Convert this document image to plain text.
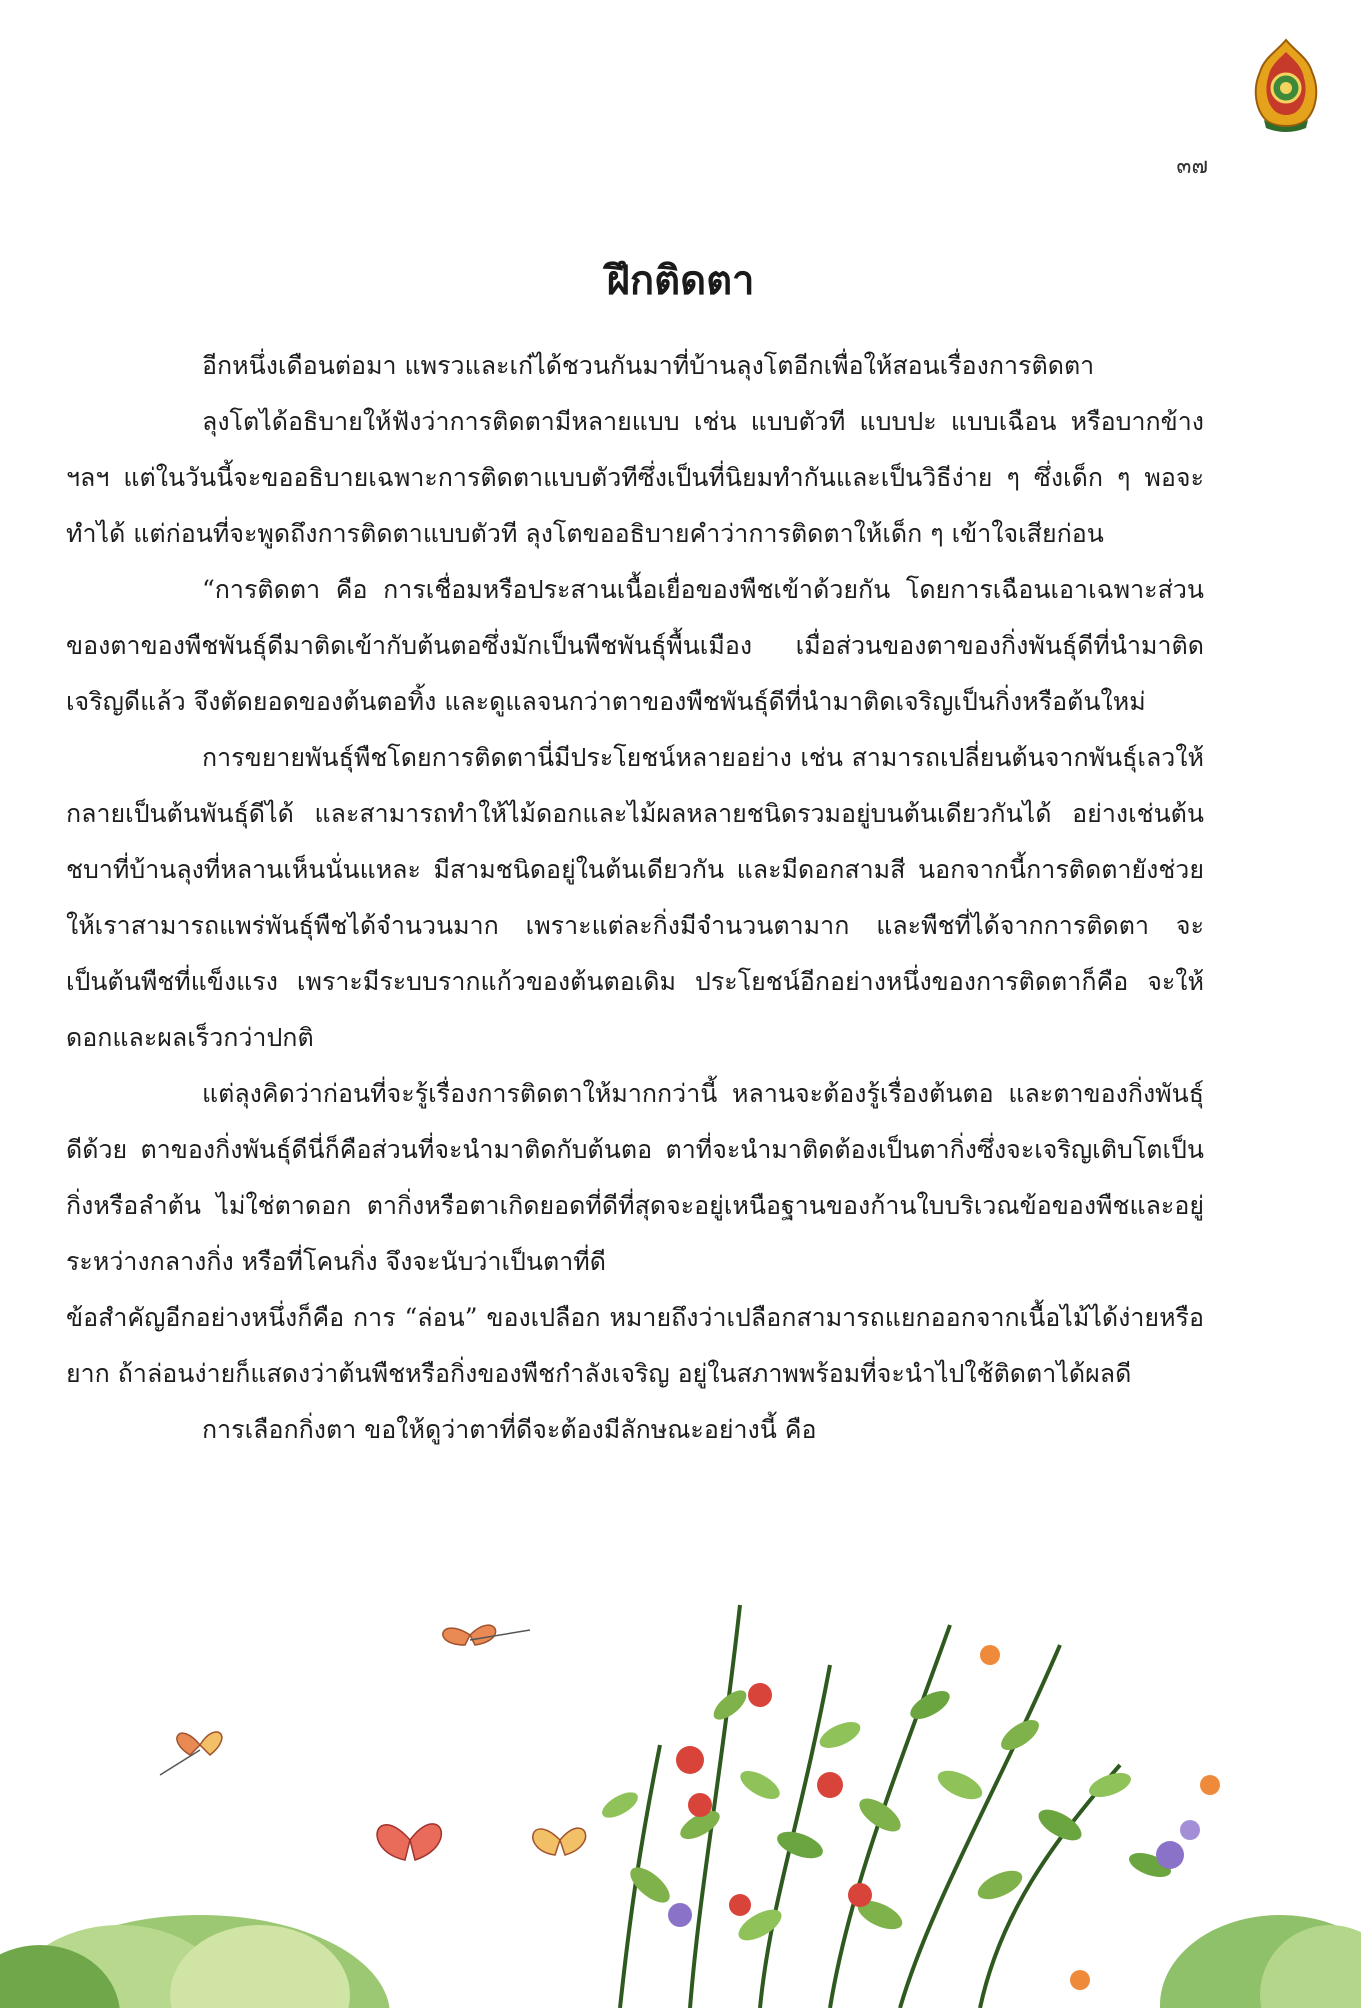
๓๗
ฝึกติดตา

อีกหนึ่งเดือนต่อมา แพรวและเก๋ได้ชวนกันมาที่บ้านลุงโตอีกเพื่อให้สอนเรื่องการติดตา

ลุงโตได้อธิบายให้ฟังว่าการติดตามีหลายแบบ เช่น แบบตัวที แบบปะ แบบเฉือน หรือบากข้าง ฯลฯ แต่ในวันนี้จะขออธิบายเฉพาะการติดตาแบบตัวทีซึ่งเป็นที่นิยมทำกันและเป็นวิธีง่าย ๆ ซึ่งเด็ก ๆ พอจะทำได้ แต่ก่อนที่จะพูดถึงการติดตาแบบตัวที ลุงโตขออธิบายคำว่าการติดตาให้เด็ก ๆ เข้าใจเสียก่อน

“การติดตา คือ การเชื่อมหรือประสานเนื้อเยื่อของพืชเข้าด้วยกัน โดยการเฉือนเอาเฉพาะส่วนของตาของพืชพันธุ์ดีมาติดเข้ากับต้นตอซึ่งมักเป็นพืชพันธุ์พื้นเมือง เมื่อส่วนของตาของกิ่งพันธุ์ดีที่นำมาติดเจริญดีแล้ว จึงตัดยอดของต้นตอทิ้ง และดูแลจนกว่าตาของพืชพันธุ์ดีที่นำมาติดเจริญเป็นกิ่งหรือต้นใหม่

การขยายพันธุ์พืชโดยการติดตานี่มีประโยชน์หลายอย่าง เช่น สามารถเปลี่ยนต้นจากพันธุ์เลวให้กลายเป็นต้นพันธุ์ดีได้ และสามารถทำให้ไม้ดอกและไม้ผลหลายชนิดรวมอยู่บนต้นเดียวกันได้ อย่างเช่นต้นชบาที่บ้านลุงที่หลานเห็นนั่นแหละ มีสามชนิดอยู่ในต้นเดียวกัน และมีดอกสามสี นอกจากนี้การติดตายังช่วยให้เราสามารถแพร่พันธุ์พืชได้จำนวนมาก เพราะแต่ละกิ่งมีจำนวนตามาก และพืชที่ได้จากการติดตา จะเป็นต้นพืชที่แข็งแรง เพราะมีระบบรากแก้วของต้นตอเดิม ประโยชน์อีกอย่างหนึ่งของการติดตาก็คือ จะให้ดอกและผลเร็วกว่าปกติ

แต่ลุงคิดว่าก่อนที่จะรู้เรื่องการติดตาให้มากกว่านี้ หลานจะต้องรู้เรื่องต้นตอ และตาของกิ่งพันธุ์ดีด้วย ตาของกิ่งพันธุ์ดีนี่ก็คือส่วนที่จะนำมาติดกับต้นตอ ตาที่จะนำมาติดต้องเป็นตากิ่งซึ่งจะเจริญเติบโตเป็นกิ่งหรือลำต้น ไม่ใช่ตาดอก ตากิ่งหรือตาเกิดยอดที่ดีที่สุดจะอยู่เหนือฐานของก้านใบบริเวณข้อของพืชและอยู่ระหว่างกลางกิ่ง หรือที่โคนกิ่ง จึงจะนับว่าเป็นตาที่ดี

ข้อสำคัญอีกอย่างหนึ่งก็คือ การ “ล่อน” ของเปลือก หมายถึงว่าเปลือกสามารถแยกออกจากเนื้อไม้ได้ง่ายหรือยาก ถ้าล่อนง่ายก็แสดงว่าต้นพืชหรือกิ่งของพืชกำลังเจริญ อยู่ในสภาพพร้อมที่จะนำไปใช้ติดตาได้ผลดี

การเลือกกิ่งตา ขอให้ดูว่าตาที่ดีจะต้องมีลักษณะอย่างนี้ คือ
